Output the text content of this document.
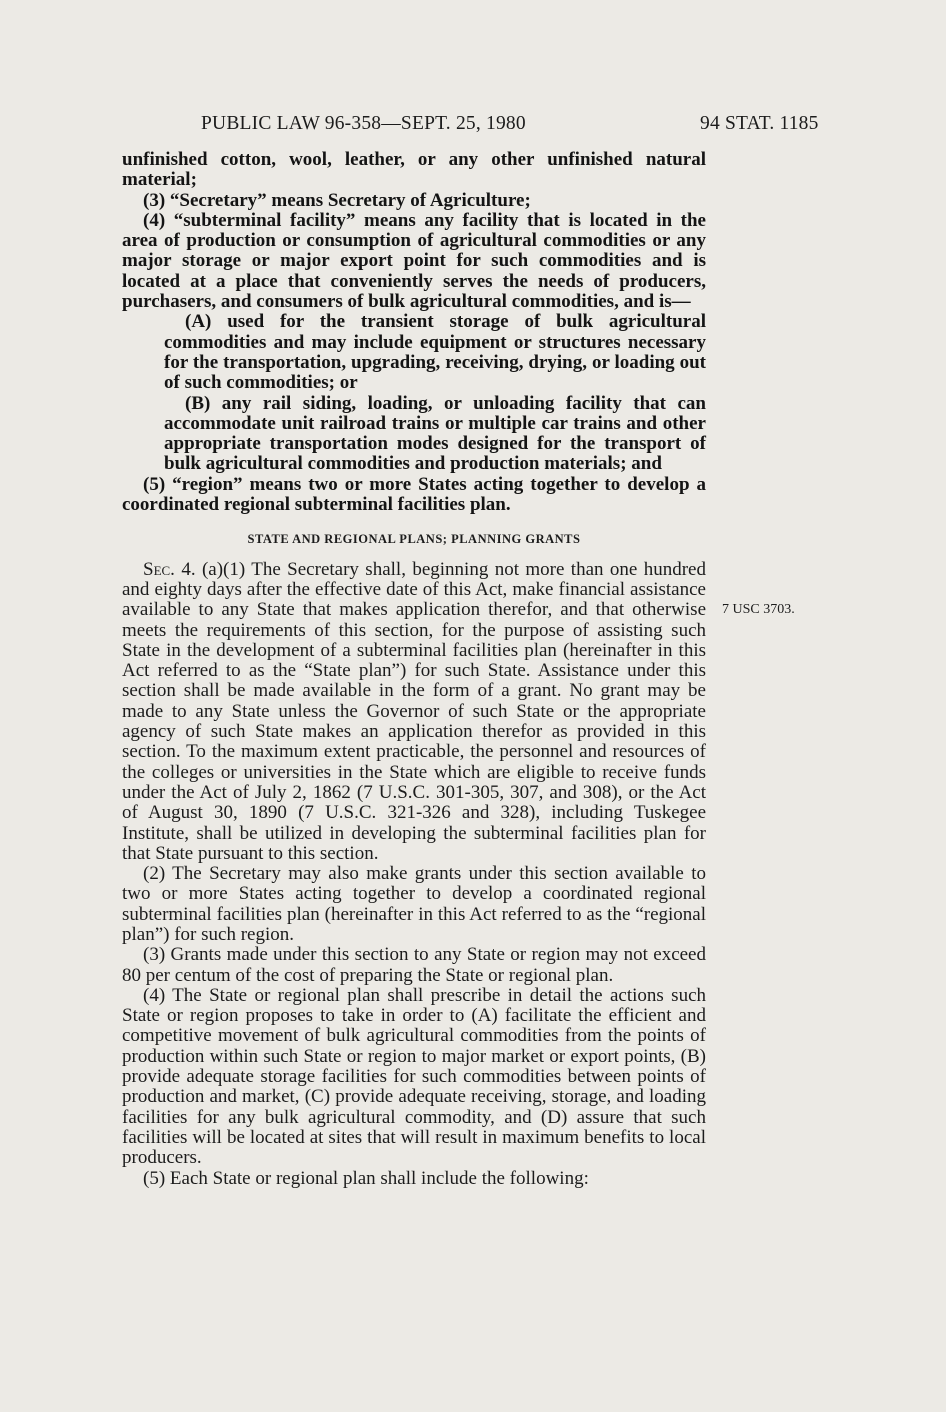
PUBLIC LAW 96-358—SEPT. 25, 1980	94 STAT. 1185

unfinished cotton, wool, leather, or any other unfinished natural material;

(3) “Secretary” means Secretary of Agriculture;

(4) “subterminal facility” means any facility that is located in the area of production or consumption of agricultural commodities or any major storage or major export point for such commodities and is located at a place that conveniently serves the needs of producers, purchasers, and consumers of bulk agricultural commodities, and is—

(A) used for the transient storage of bulk agricultural commodities and may include equipment or structures necessary for the transportation, upgrading, receiving, drying, or loading out of such commodities; or

(B) any rail siding, loading, or unloading facility that can accommodate unit railroad trains or multiple car trains and other appropriate transportation modes designed for the transport of bulk agricultural commodities and production materials; and

(5) “region” means two or more States acting together to develop a coordinated regional subterminal facilities plan.

STATE AND REGIONAL PLANS; PLANNING GRANTS

Sec. 4. (a)(1) The Secretary shall, beginning not more than one hundred and eighty days after the effective date of this Act, make financial assistance available to any State that makes application therefor, and that otherwise meets the requirements of this section, for the purpose of assisting such State in the development of a subterminal facilities plan (hereinafter in this Act referred to as the “State plan”) for such State. Assistance under this section shall be made available in the form of a grant. No grant may be made to any State unless the Governor of such State or the appropriate agency of such State makes an application therefor as provided in this section. To the maximum extent practicable, the personnel and resources of the colleges or universities in the State which are eligible to receive funds under the Act of July 2, 1862 (7 U.S.C. 301-305, 307, and 308), or the Act of August 30, 1890 (7 U.S.C. 321-326 and 328), including Tuskegee Institute, shall be utilized in developing the subterminal facilities plan for that State pursuant to this section.

(2) The Secretary may also make grants under this section available to two or more States acting together to develop a coordinated regional subterminal facilities plan (hereinafter in this Act referred to as the “regional plan”) for such region.

(3) Grants made under this section to any State or region may not exceed 80 per centum of the cost of preparing the State or regional plan.

(4) The State or regional plan shall prescribe in detail the actions such State or region proposes to take in order to (A) facilitate the efficient and competitive movement of bulk agricultural commodities from the points of production within such State or region to major market or export points, (B) provide adequate storage facilities for such commodities between points of production and market, (C) provide adequate receiving, storage, and loading facilities for any bulk agricultural commodity, and (D) assure that such facilities will be located at sites that will result in maximum benefits to local producers.

(5) Each State or regional plan shall include the following:

7 USC 3703.
